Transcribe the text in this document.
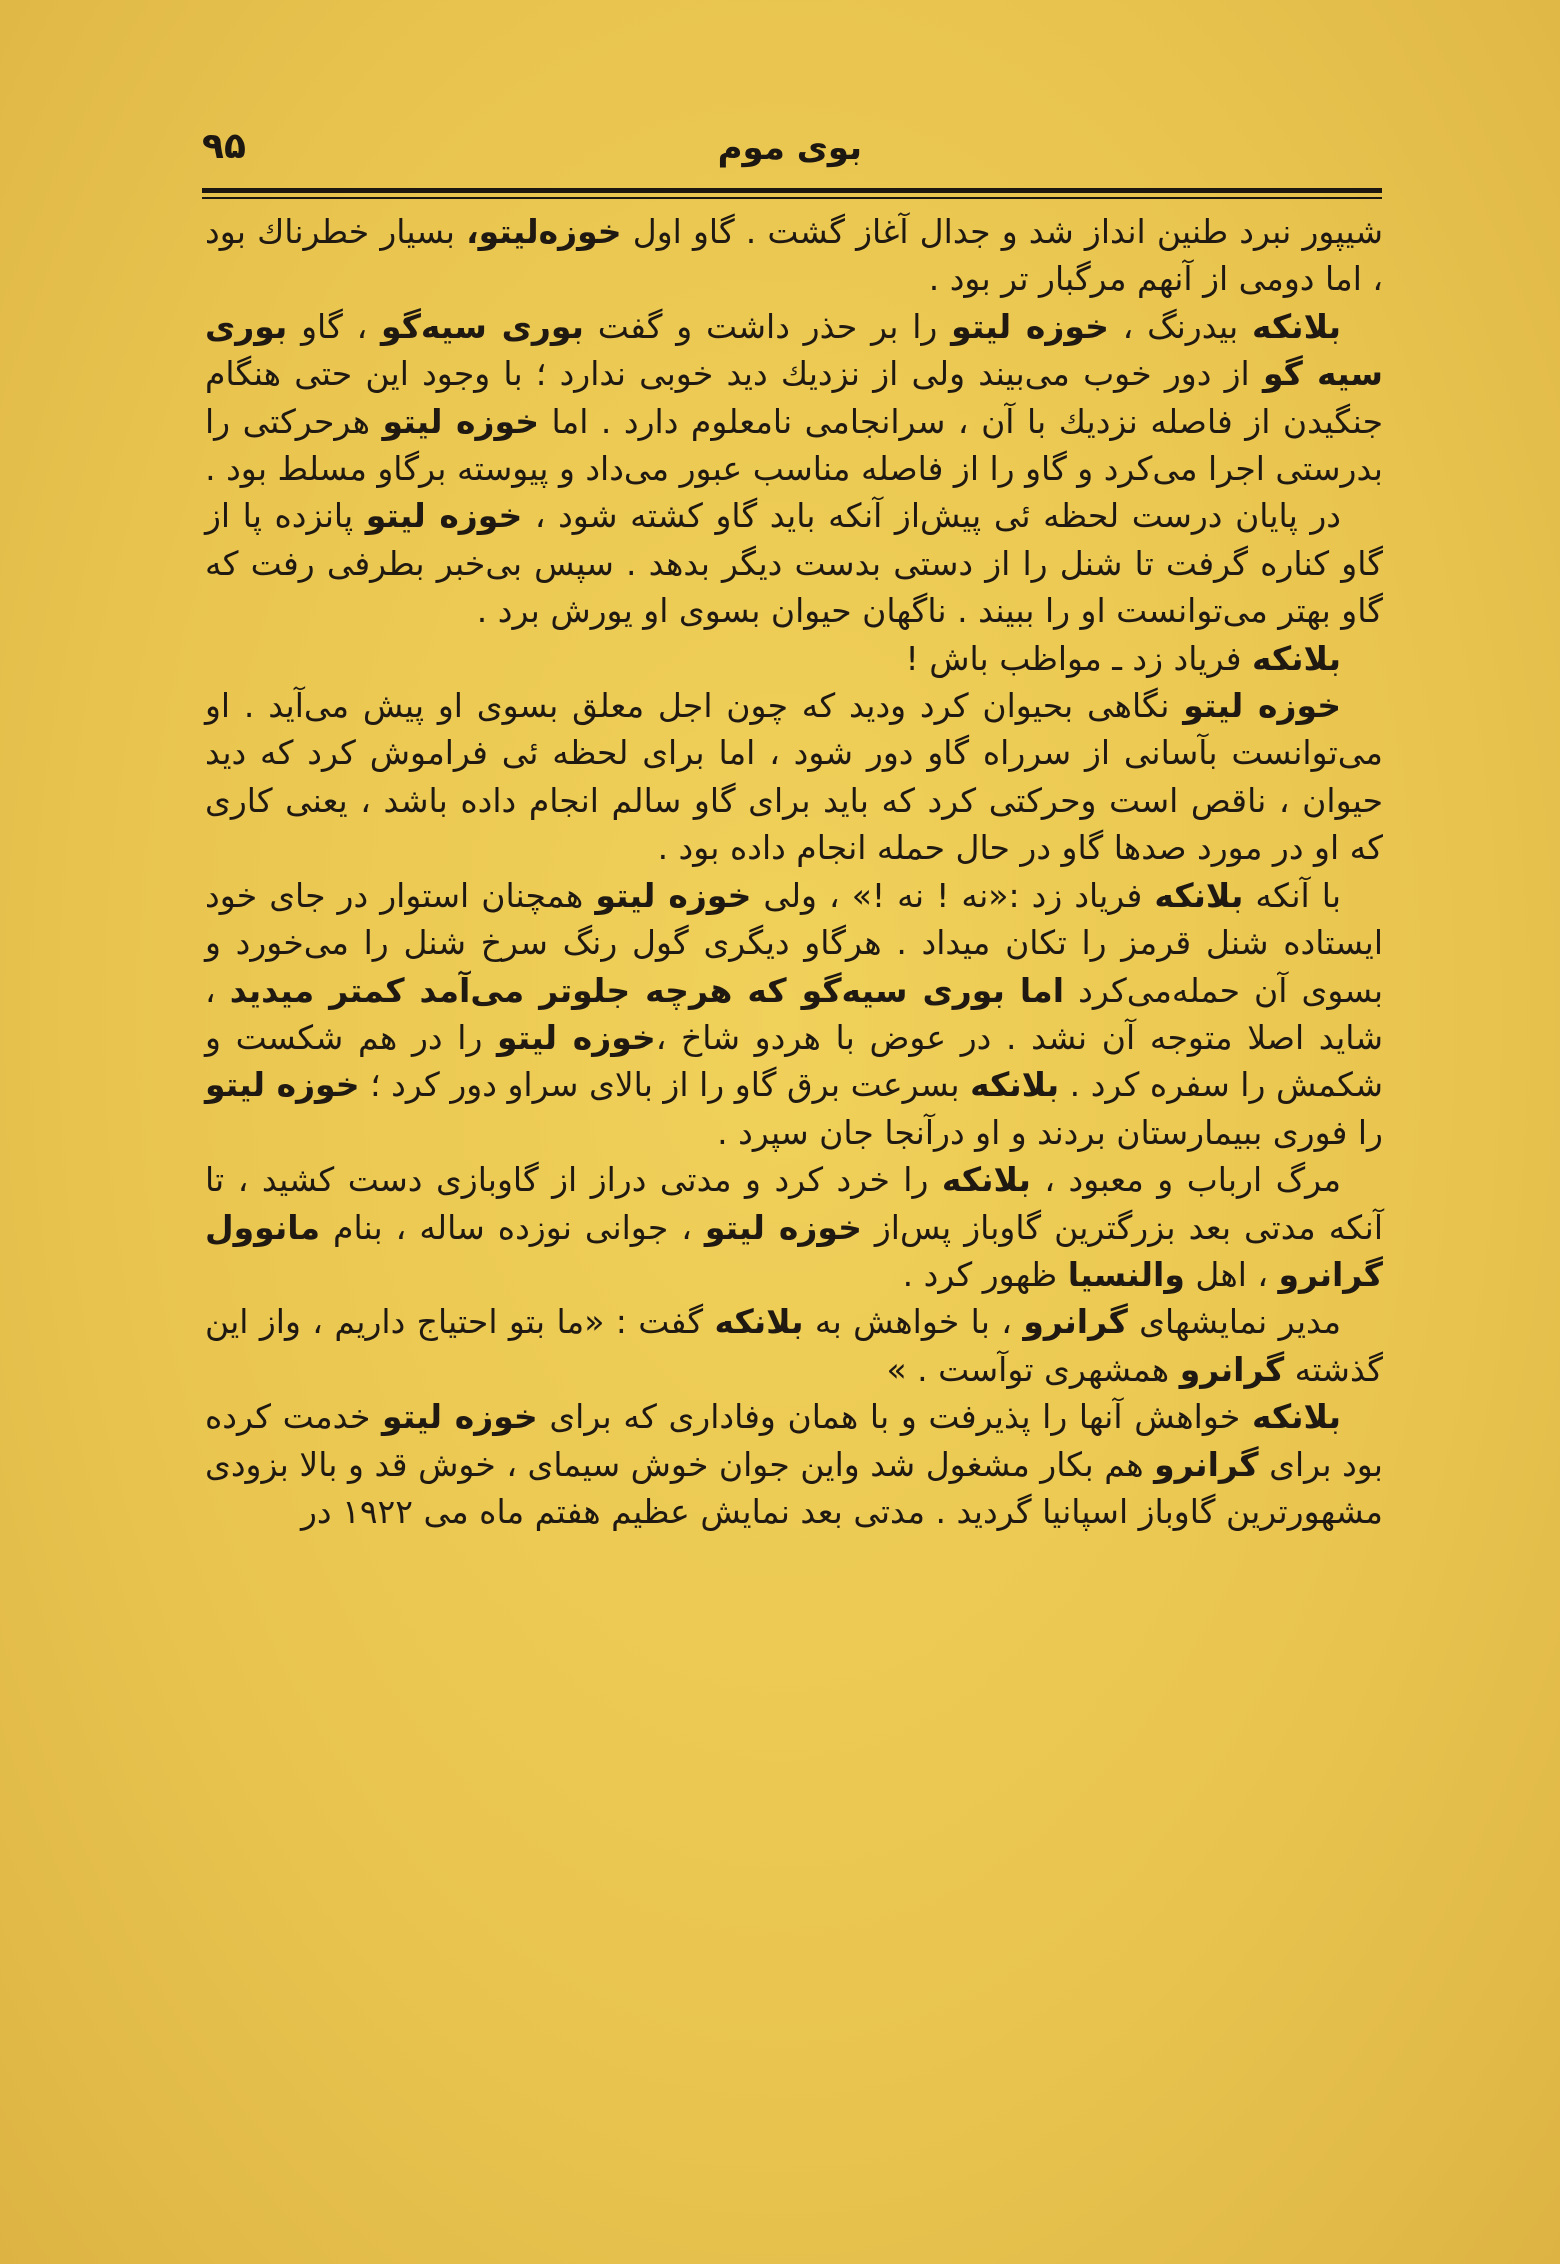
بوی موم
۹۵

شیپور نبرد طنین انداز شد و جدال آغاز گشت . گاو اول خوزه‌لیتو، بسیار خطرناك بود ، اما دومی از آنهم مرگبار تر بود .

بلانکه بیدرنگ ، خوزه لیتو را بر حذر داشت و گفت بوری سیه‌گو ، گاو بوری سیه گو از دور خوب می‌بیند ولی از نزدیك دید خوبی ندارد ؛ با وجود این حتی هنگام جنگیدن از فاصله نزدیك با آن ، سرانجامی نامعلوم دارد . اما خوزه لیتو هرحرکتی را بدرستی اجرا می‌کرد و گاو را از فاصله مناسب عبور می‌داد و پیوسته برگاو مسلط بود .

در پایان درست لحظه ئی پیش‌از آنکه باید گاو کشته شود ، خوزه لیتو پانزده پا از گاو کناره گرفت تا شنل را از دستی بدست دیگر بدهد . سپس بی‌خبر بطرفی رفت که گاو بهتر می‌توانست او را ببیند . ناگهان حیوان بسوی او یورش برد .

بلانکه فریاد زد ـ مواظب باش !

خوزه لیتو نگاهی بحیوان کرد ودید که چون اجل معلق بسوی او پیش می‌آید . او می‌توانست بآسانی از سرراه گاو دور شود ، اما برای لحظه ئی فراموش کرد که دید حیوان ، ناقص است وحرکتی کرد که باید برای گاو سالم انجام داده باشد ، یعنی کاری که او در مورد صدها گاو در حال حمله انجام داده بود .

با آنکه بلانکه فریاد زد :«نه ! نه !» ، ولی خوزه لیتو همچنان استوار در جای خود ایستاده شنل قرمز را تکان میداد . هرگاو دیگری گول رنگ سرخ شنل را می‌خورد و بسوی آن حمله‌می‌کرد اما بوری سیه‌گو که هرچه جلوتر می‌آمد کمتر میدید ، شاید اصلا متوجه آن نشد . در عوض با هردو شاخ ،خوزه لیتو را در هم شکست و شکمش را سفره کرد . بلانکه بسرعت برق گاو را از بالای سراو دور کرد ؛ خوزه لیتو را فوری ببیمارستان بردند و او درآنجا جان سپرد .

مرگ ارباب و معبود ، بلانکه را خرد کرد و مدتی دراز از گاوبازی دست کشید ، تا آنکه مدتی بعد بزرگترین گاوباز پس‌از خوزه لیتو ، جوانی نوزده ساله ، بنام مانوول گرانرو ، اهل والنسیا ظهور کرد .

مدیر نمایشهای گرانرو ، با خواهش به بلانکه گفت : «ما بتو احتیاج داریم ، واز این گذشته گرانرو همشهری توآست . »

بلانکه خواهش آنها را پذیرفت و با همان وفاداری که برای خوزه لیتو خدمت کرده بود برای گرانرو هم بکار مشغول شد واین جوان خوش سیمای ، خوش قد و بالا بزودی مشهورترین گاوباز اسپانیا گردید . مدتی بعد نمایش عظیم هفتم ماه می ۱۹۲۲ در
